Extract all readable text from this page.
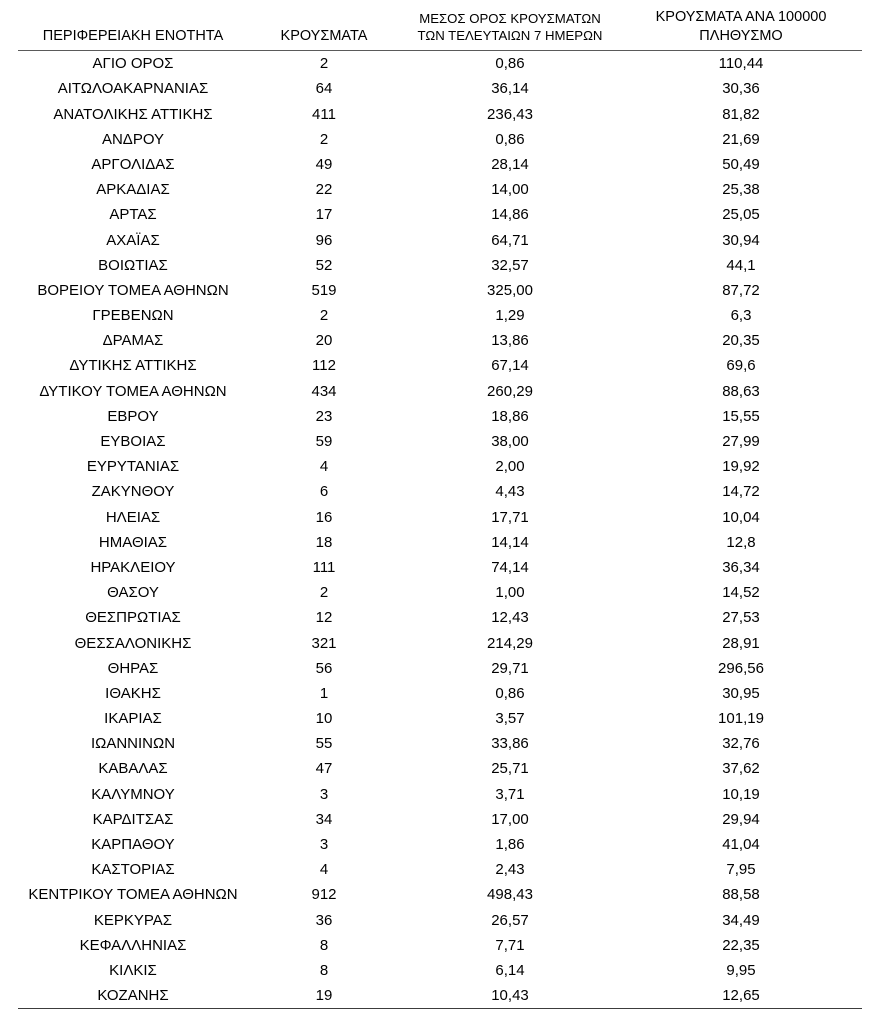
ΠΕΡΙΦΕΡΕΙΑΚΗ ΕΝΟΤΗΤΑ	ΚΡΟΥΣΜΑΤΑ	ΜΕΣΟΣ ΟΡΟΣ ΚΡΟΥΣΜΑΤΩΝ
ΤΩΝ ΤΕΛΕΥΤΑΙΩΝ 7 ΗΜΕΡΩΝ	ΚΡΟΥΣΜΑΤΑ ΑΝΑ 100000
ΠΛΗΘΥΣΜΟ
ΑΓΙΟ ΟΡΟΣ	2	0,86	110,44
ΑΙΤΩΛΟΑΚΑΡΝΑΝΙΑΣ	64	36,14	30,36
ΑΝΑΤΟΛΙΚΗΣ ΑΤΤΙΚΗΣ	411	236,43	81,82
ΑΝΔΡΟΥ	2	0,86	21,69
ΑΡΓΟΛΙΔΑΣ	49	28,14	50,49
ΑΡΚΑΔΙΑΣ	22	14,00	25,38
ΑΡΤΑΣ	17	14,86	25,05
ΑΧΑΪΑΣ	96	64,71	30,94
ΒΟΙΩΤΙΑΣ	52	32,57	44,1
ΒΟΡΕΙΟΥ ΤΟΜΕΑ ΑΘΗΝΩΝ	519	325,00	87,72
ΓΡΕΒΕΝΩΝ	2	1,29	6,3
ΔΡΑΜΑΣ	20	13,86	20,35
ΔΥΤΙΚΗΣ ΑΤΤΙΚΗΣ	112	67,14	69,6
ΔΥΤΙΚΟΥ ΤΟΜΕΑ ΑΘΗΝΩΝ	434	260,29	88,63
ΕΒΡΟΥ	23	18,86	15,55
ΕΥΒΟΙΑΣ	59	38,00	27,99
ΕΥΡΥΤΑΝΙΑΣ	4	2,00	19,92
ΖΑΚΥΝΘΟΥ	6	4,43	14,72
ΗΛΕΙΑΣ	16	17,71	10,04
ΗΜΑΘΙΑΣ	18	14,14	12,8
ΗΡΑΚΛΕΙΟΥ	111	74,14	36,34
ΘΑΣΟΥ	2	1,00	14,52
ΘΕΣΠΡΩΤΙΑΣ	12	12,43	27,53
ΘΕΣΣΑΛΟΝΙΚΗΣ	321	214,29	28,91
ΘΗΡΑΣ	56	29,71	296,56
ΙΘΑΚΗΣ	1	0,86	30,95
ΙΚΑΡΙΑΣ	10	3,57	101,19
ΙΩΑΝΝΙΝΩΝ	55	33,86	32,76
ΚΑΒΑΛΑΣ	47	25,71	37,62
ΚΑΛΥΜΝΟΥ	3	3,71	10,19
ΚΑΡΔΙΤΣΑΣ	34	17,00	29,94
ΚΑΡΠΑΘΟΥ	3	1,86	41,04
ΚΑΣΤΟΡΙΑΣ	4	2,43	7,95
ΚΕΝΤΡΙΚΟΥ ΤΟΜΕΑ ΑΘΗΝΩΝ	912	498,43	88,58
ΚΕΡΚΥΡΑΣ	36	26,57	34,49
ΚΕΦΑΛΛΗΝΙΑΣ	8	7,71	22,35
ΚΙΛΚΙΣ	8	6,14	9,95
ΚΟΖΑΝΗΣ	19	10,43	12,65
